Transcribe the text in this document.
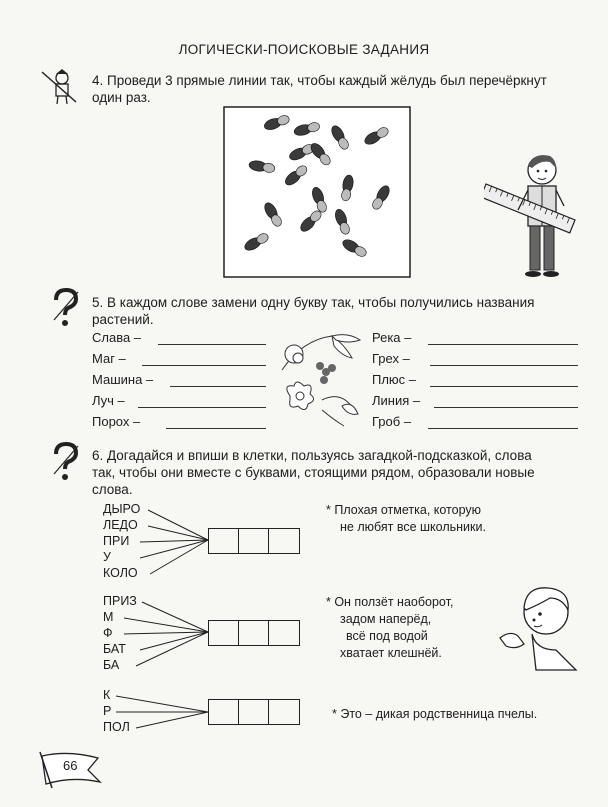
ЛОГИЧЕСКИ-ПОИСКОВЫЕ ЗАДАНИЯ
4. Проведи 3 прямые линии так, чтобы каждый жёлудь был перечёркнут
один раз.
5. В каждом слове замени одну букву так, чтобы получились названия
растений.
Слава –
Маг –
Машина –
Луч –
Порох –
Река –
Грех –
Плюс –
Линия –
Гроб –
6. Догадайся и впиши в клетки, пользуясь загадкой-подсказкой, слова
так, чтобы они вместе с буквами, стоящими рядом, образовали новые
слова.
ДЫРО
ЛЕДО
ПРИ
У
КОЛО
* Плохая отметка, которую
не любят все школьники.
ПРИЗ
М
Ф
БАТ
БА
* Он ползёт наоборот,
задом наперёд,
всё под водой
хватает клешнёй.
К
Р
ПОЛ
* Это – дикая родственница пчелы.
66
